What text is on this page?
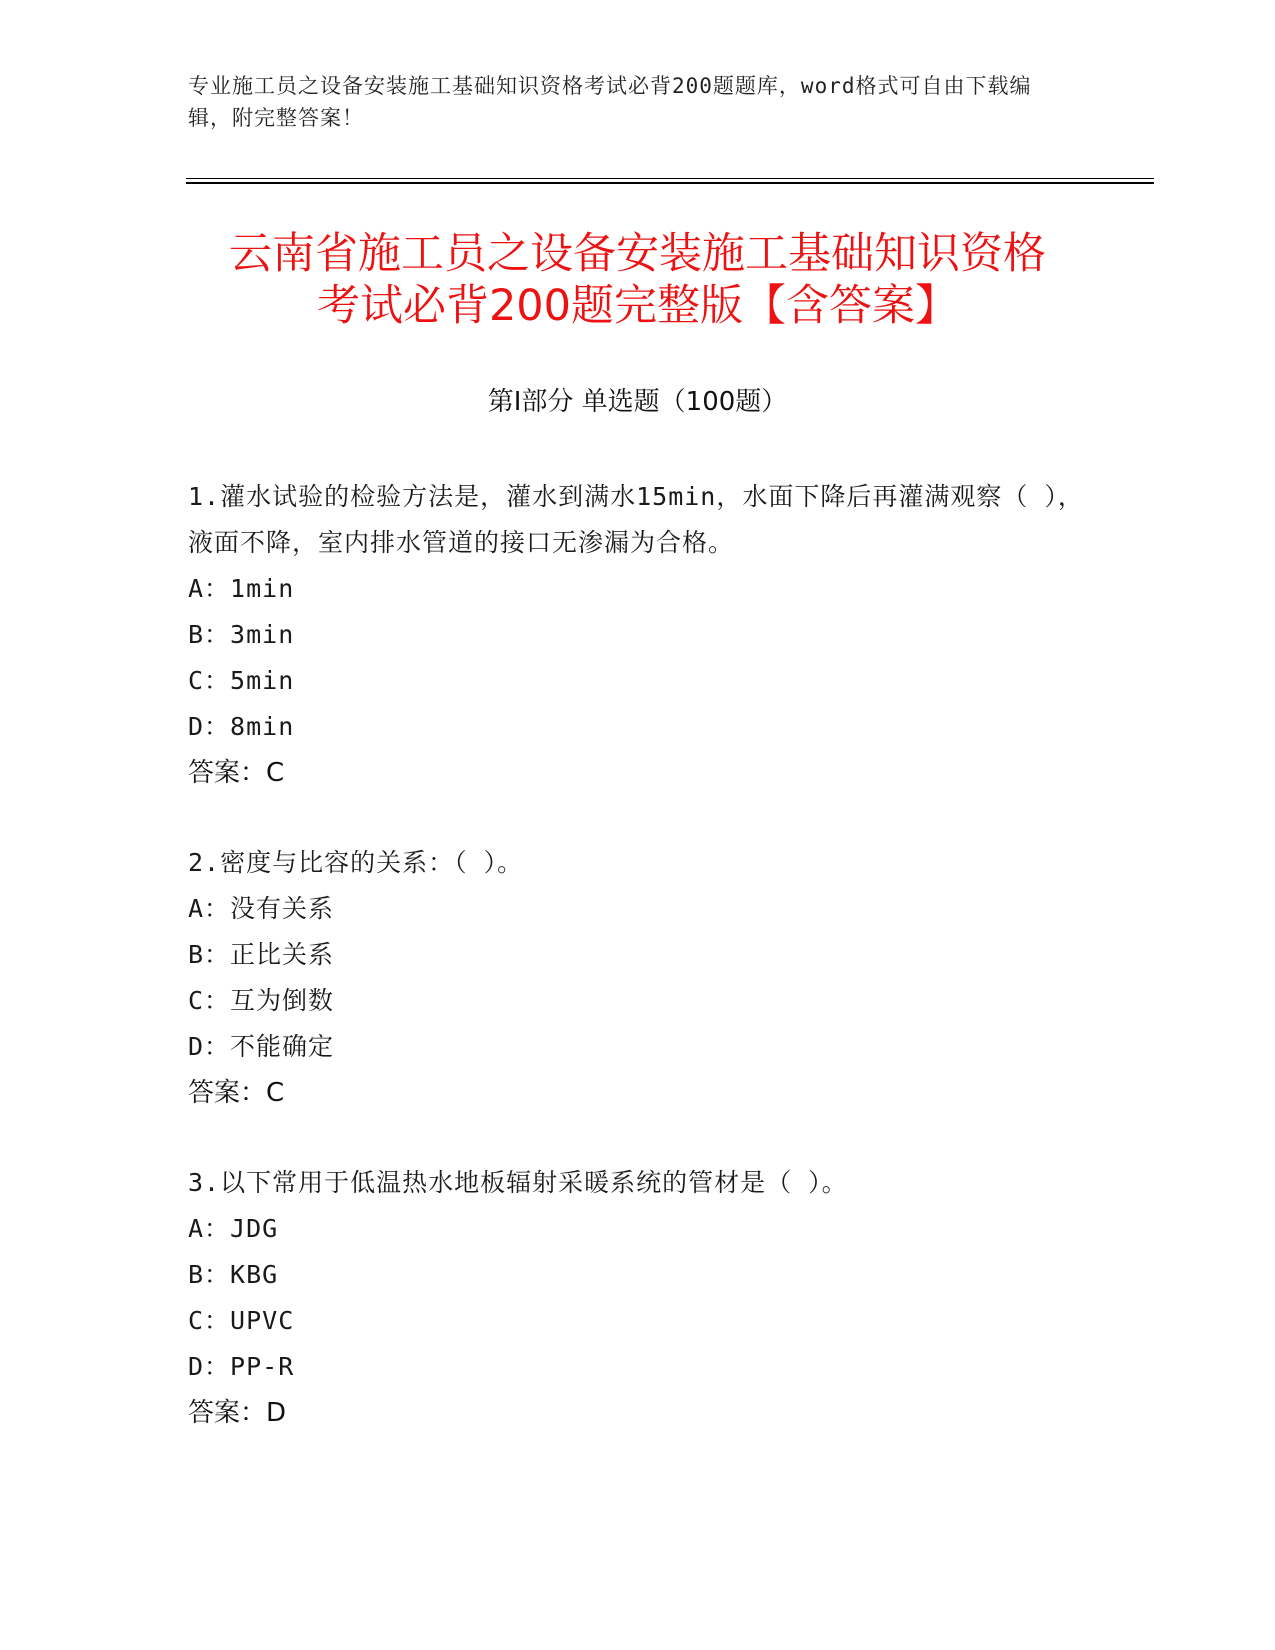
专业施工员之设备安装施工基础知识资格考试必背200题题库，word格式可自由下载编辑，附完整答案！
云南省施工员之设备安装施工基础知识资格
考试必背200题完整版【含答案】
第Ⅰ部分 单选题（100题）

1.灌水试验的检验方法是，灌水到满水15min，水面下降后再灌满观察（ ），液面不降，室内排水管道的接口无渗漏为合格。

A：1min

B：3min

C：5min

D：8min

答案：C

2.密度与比容的关系：（ ）。

A：没有关系

B：正比关系

C：互为倒数

D：不能确定

答案：C

3.以下常用于低温热水地板辐射采暖系统的管材是（ ）。

A：JDG

B：KBG

C：UPVC

D：PP-R

答案：D
